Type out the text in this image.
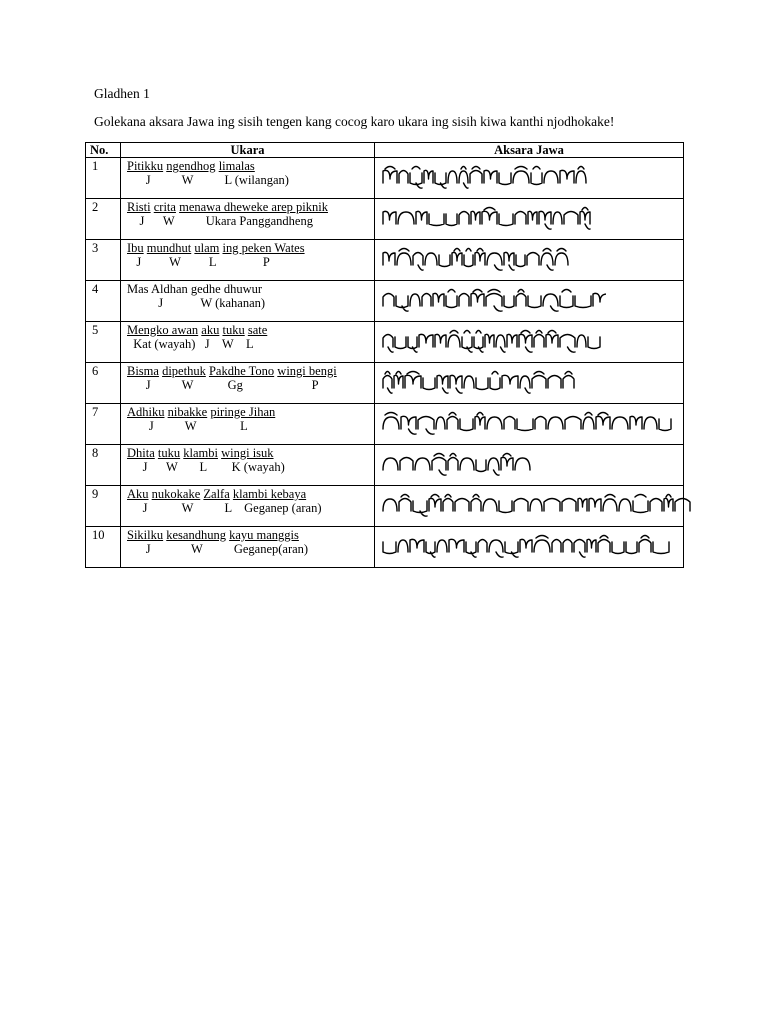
Gladhen 1
Golekana aksara Jawa ing sisih tengen kang cocog karo ukara ing sisih kiwa kanthi njodhokake!
No.	Ukara	Aksara Jawa
1	Pitikku ngendhog limalas
J          W          L (wilangan)

2	Risti crita menawa dheweke arep piknik
J      W          Ukara Panggandheng

3	Ibu mundhut ulam ing peken Wates
J         W         L               P

4	Mas Aldhan gedhe dhuwur
J            W (kahanan)

5	Mengko awan aku tuku sate
Kat (wayah)   J    W    L

6	Bisma dipethuk Pakdhe Tono wingi bengi
J          W           Gg                      P

7	Adhiku nibakke piringe Jihan
J          W              L

8	Dhita tuku klambi wingi isuk
J      W       L        K (wayah)

9	Aku nukokake Zalfa klambi kebaya
J           W          L    Geganep (aran)

10	Sikilku kesandhung kayu manggis
J             W          Geganep(aran)
